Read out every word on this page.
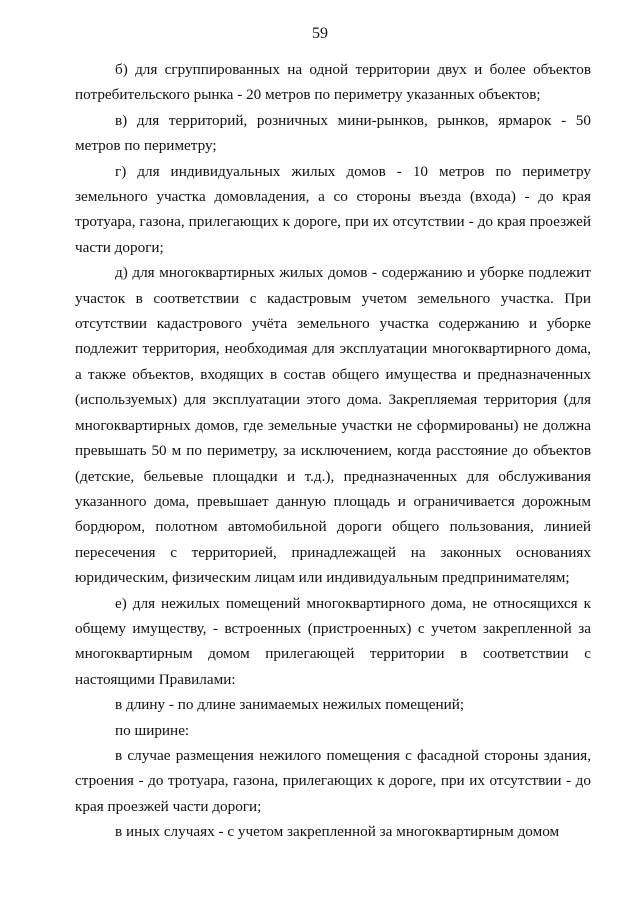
59

б) для сгруппированных на одной территории двух и более объектов потребительского рынка - 20 метров по периметру указанных объектов;

в) для территорий, розничных мини-рынков, рынков, ярмарок - 50 метров по периметру;

г) для индивидуальных жилых домов - 10 метров по периметру земельного участка домовладения, а со стороны въезда (входа) - до края тротуара, газона, прилегающих к дороге, при их отсутствии - до края проезжей части дороги;

д) для многоквартирных жилых домов - содержанию и уборке подлежит участок в соответствии с кадастровым учетом земельного участка. При отсутствии кадастрового учёта земельного участка содержанию и уборке подлежит территория, необходимая для эксплуатации многоквартирного дома, а также объектов, входящих в состав общего имущества и предназначенных (используемых) для эксплуатации этого дома. Закрепляемая территория (для многоквартирных домов, где земельные участки не сформированы) не должна превышать 50 м по периметру, за исключением, когда расстояние до объектов (детские, бельевые площадки и т.д.), предназначенных для обслуживания указанного дома, превышает данную площадь и ограничивается дорожным бордюром, полотном автомобильной дороги общего пользования, линией пересечения с территорией, принадлежащей на законных основаниях юридическим, физическим лицам или индивидуальным предпринимателям;

е) для нежилых помещений многоквартирного дома, не относящихся к общему имуществу, - встроенных (пристроенных) с учетом закрепленной за многоквартирным домом прилегающей территории в соответствии с настоящими Правилами:

в длину - по длине занимаемых нежилых помещений;

по ширине:

в случае размещения нежилого помещения с фасадной стороны здания, строения - до тротуара, газона, прилегающих к дороге, при их отсутствии - до края проезжей части дороги;

в иных случаях - с учетом закрепленной за многоквартирным домом
